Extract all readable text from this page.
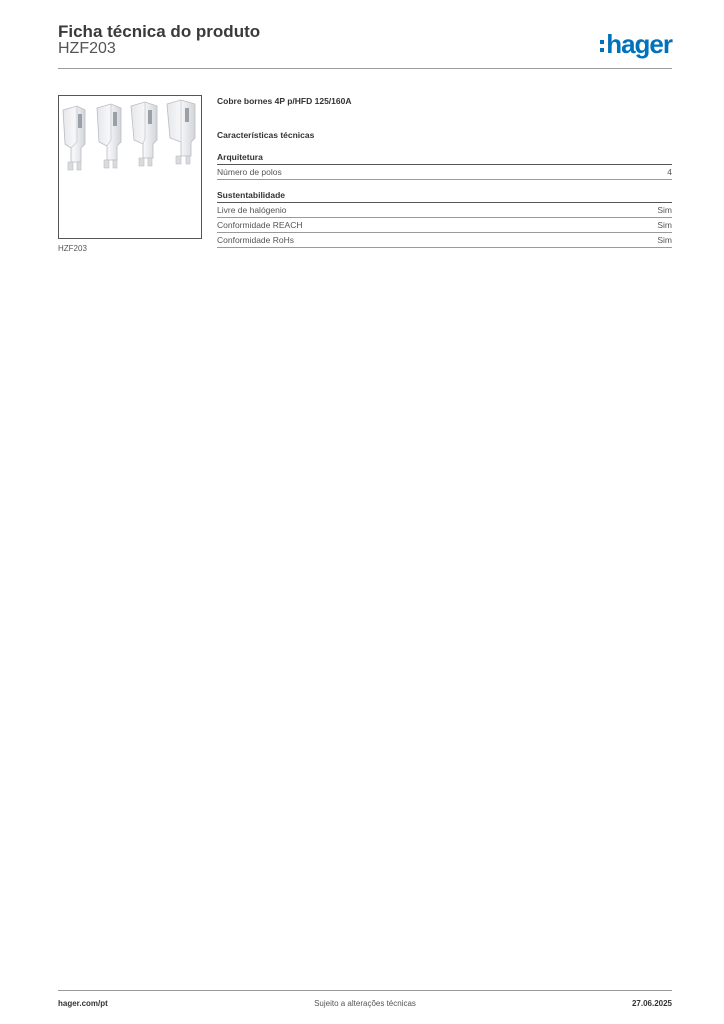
Ficha técnica do produto
HZF203	hager
HZF203
Cobre bornes 4P p/HFD 125/160A
Características técnicas
Arquitetura
Número de polos	4
Sustentabilidade
Livre de halógenio	Sim
Conformidade REACH	Sim
Conformidade RoHs	Sim
hager.com/pt	Sujeito a alterações técnicas	27.06.2025
